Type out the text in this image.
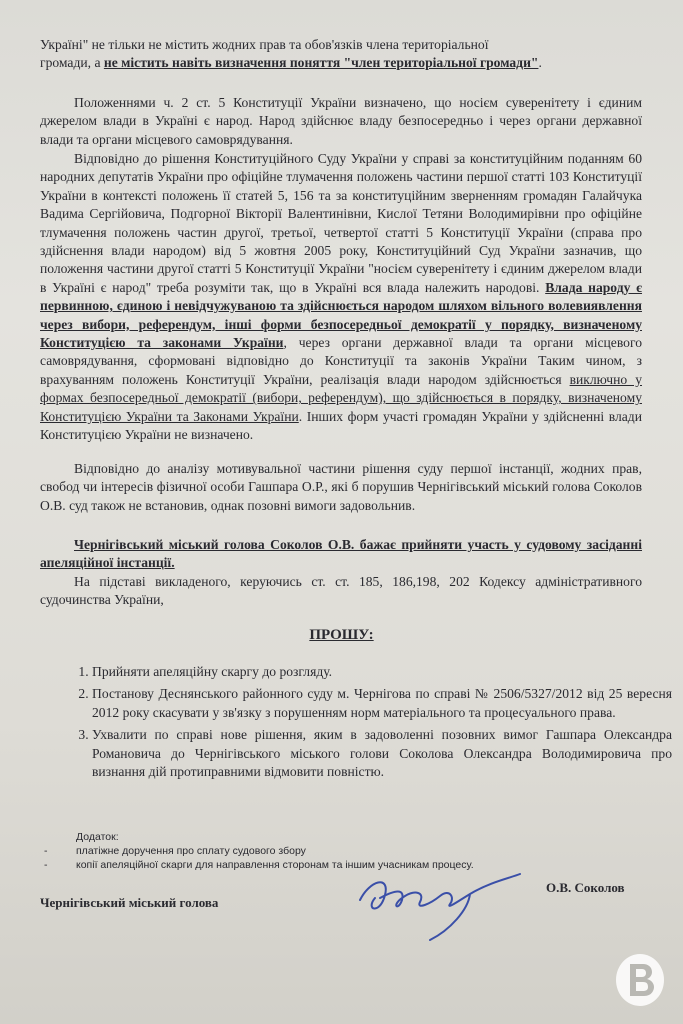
Україні" не тільки не містить жодних прав та обов'язків члена територіальної
громади, а не містить навіть визначення поняття "член територіальної громади".
Положеннями ч. 2 ст. 5 Конституції України визначено, що носієм суверенітету і єдиним джерелом влади в Україні є народ. Народ здійснює владу безпосередньо і через органи державної влади та органи місцевого самоврядування.
Відповідно до рішення Конституційного Суду України у справі за конституційним поданням 60 народних депутатів України про офіційне тлумачення положень частини першої статті 103 Конституції України в контексті положень її статей 5, 156 та за конституційним зверненням громадян Галайчука Вадима Сергійовича, Подгорної Вікторії Валентинівни, Кислої Тетяни Володимирівни про офіційне тлумачення положень частин другої, третьої, четвертої статті 5 Конституції України (справа про здійснення влади народом) від 5 жовтня 2005 року, Конституційний Суд України зазначив, що положення частини другої статті 5 Конституції України "носієм суверенітету і єдиним джерелом влади в Україні є народ" треба розуміти так, що в Україні вся влада належить народові. Влада народу є первинною, єдиною і невідчужуваною та здійснюється народом шляхом вільного волевиявлення через вибори, референдум, інші форми безпосередньої демократії у порядку, визначеному Конституцією та законами України, через органи державної влади та органи місцевого самоврядування, сформовані відповідно до Конституції та законів України Таким чином, з врахуванням положень Конституції України, реалізація влади народом здійснюється виключно у формах безпосередньої демократії (вибори, референдум), що здійснюється в порядку, визначеному Конституцією України та Законами України. Інших форм участі громадян України у здійсненні влади Конституцією України не визначено.
Відповідно до аналізу мотивувальної частини рішення суду першої інстанції, жодних прав, свобод чи інтересів фізичної особи Гашпара О.Р., які б порушив Чернігівський міський голова Соколов О.В. суд також не встановив, однак позовні вимоги задовольнив.
Чернігівський міський голова Соколов О.В. бажає прийняти участь у судовому засіданні апеляційної інстанції.
На підставі викладеного, керуючись ст. ст. 185, 186,198, 202 Кодексу адміністративного судочинства України,
ПРОШУ:
1. Прийняти апеляційну скаргу до розгляду.
2. Постанову Деснянського районного суду м. Чернігова по справі № 2506/5327/2012 від 25 вересня 2012 року скасувати у зв'язку з порушенням норм матеріального та процесуального права.
3. Ухвалити по справі нове рішення, яким в задоволенні позовних вимог Гашпара Олександра Романовича до Чернігівського міського голови Соколова Олександра Володимировича про визнання дій протиправними відмовити повністю.
Додаток:
- платіжне доручення про сплату судового збору
- копії апеляційної скарги для направлення сторонам та іншим учасникам процесу.
Чернігівський міський голова
О.В. Соколов
